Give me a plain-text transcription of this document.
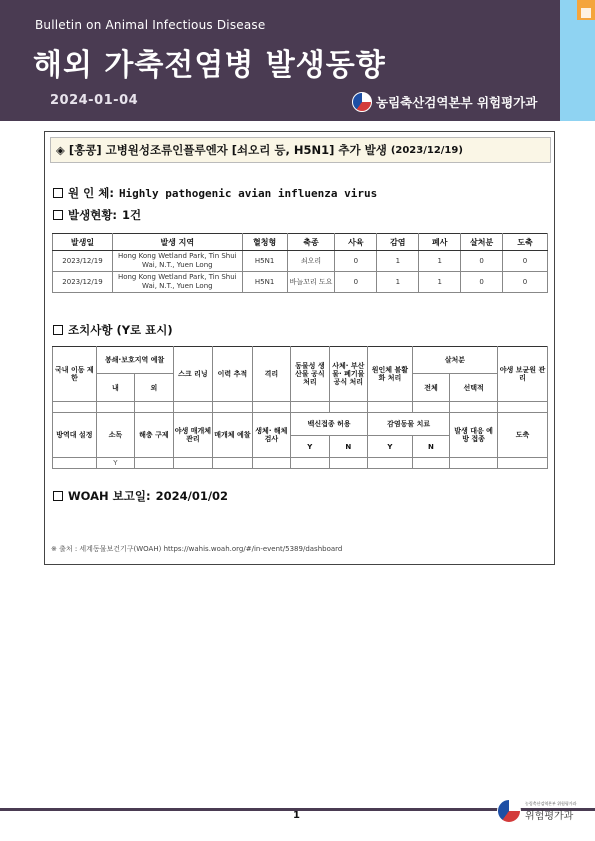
Bulletin on Animal Infectious Disease
해외 가축전염병 발생동향
2024-01-04	농림축산검역본부 위험평가과
◈ [홍콩] 고병원성조류인플루엔자 [쇠오리 등, H5N1] 추가 발생 (2023/12/19)
원 인 체: Highly pathogenic avian influenza virus
발생현황: 1건
발생일	발생 지역	혈청형	축종	사육	감염	폐사	살처분	도축
2023/12/19	Hong Kong Wetland Park, Tin Shui Wai, N.T., Yuen Long	H5N1	쇠오리	0	1	1	0	0
2023/12/19	Hong Kong Wetland Park, Tin Shui Wai, N.T., Yuen Long	H5N1	바늘꼬리 도요	0	1	1	0	0
조치사항 (Y로 표시)
국내 이동 제한	봉쇄·보호지역 예찰		스크 리닝	이력 추적	격리	동물성 생산물 공식 처리	사체· 부산물· 폐기물 공식 처리	원인체 불활화 처리	살처분		야생 보균원 관리
	내	외							전체	선택적	

방역대 설정	소독	해충 구제	야생 매개체 관리	매개체 예찰	생체· 해체 검사	백신접종 허용		감염동물 치료		발생 대응 예방 접종	도축
						Y	N	Y	N		
	Y										
WOAH 보고일: 2024/01/02
※ 출처 : 세계동물보건기구(WOAH) https://wahis.woah.org/#/in-event/5389/dashboard
1
농림축산검역본부 위험평가과
위험평가과
